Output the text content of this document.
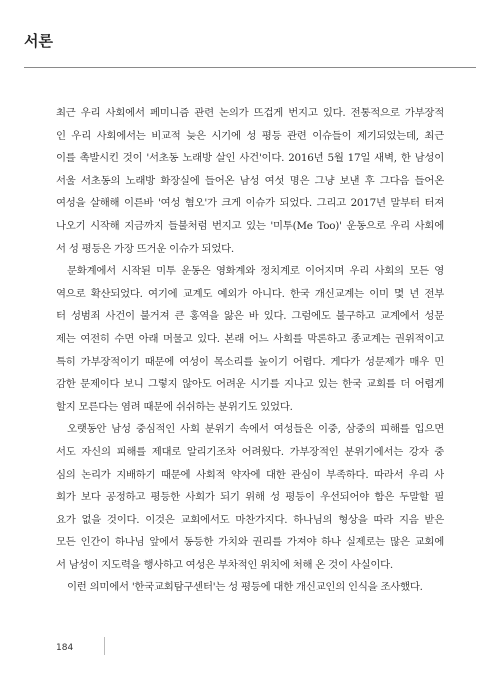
서론
최근 우리 사회에서 페미니즘 관련 논의가 뜨겁게 번지고 있다. 전통적으로 가부장적
인 우리 사회에서는 비교적 늦은 시기에 성 평등 관련 이슈들이 제기되었는데, 최근
이를 촉발시킨 것이 '서초동 노래방 살인 사건'이다. 2016년 5월 17일 새벽, 한 남성이
서울 서초동의 노래방 화장실에 들어온 남성 여섯 명은 그냥 보낸 후 그다음 들어온
여성을 살해해 이른바 '여성 혐오'가 크게 이슈가 되었다. 그리고 2017년 말부터 터져
나오기 시작해 지금까지 들불처럼 번지고 있는 '미투(Me Too)' 운동으로 우리 사회에
서 성 평등은 가장 뜨거운 이슈가 되었다.
문화계에서 시작된 미투 운동은 영화계와 정치계로 이어지며 우리 사회의 모든 영
역으로 확산되었다. 여기에 교계도 예외가 아니다. 한국 개신교계는 이미 몇 년 전부
터 성범죄 사건이 불거져 큰 홍역을 앓은 바 있다. 그럼에도 불구하고 교계에서 성문
제는 여전히 수면 아래 머물고 있다. 본래 어느 사회를 막론하고 종교계는 권위적이고
특히 가부장적이기 때문에 여성이 목소리를 높이기 어렵다. 게다가 성문제가 매우 민
감한 문제이다 보니 그렇지 않아도 어려운 시기를 지나고 있는 한국 교회를 더 어렵게
할지 모른다는 염려 때문에 쉬쉬하는 분위기도 있었다.
오랫동안 남성 중심적인 사회 분위기 속에서 여성들은 이중, 삼중의 피해를 입으면
서도 자신의 피해를 제대로 알리기조차 어려웠다. 가부장적인 분위기에서는 강자 중
심의 논리가 지배하기 때문에 사회적 약자에 대한 관심이 부족하다. 따라서 우리 사
회가 보다 공정하고 평등한 사회가 되기 위해 성 평등이 우선되어야 함은 두말할 필
요가 없을 것이다. 이것은 교회에서도 마찬가지다. 하나님의 형상을 따라 지음 받은
모든 인간이 하나님 앞에서 동등한 가치와 권리를 가져야 하나 실제로는 많은 교회에
서 남성이 지도력을 행사하고 여성은 부차적인 위치에 처해 온 것이 사실이다.
이런 의미에서 '한국교회탐구센터'는 성 평등에 대한 개신교인의 인식을 조사했다.
184
